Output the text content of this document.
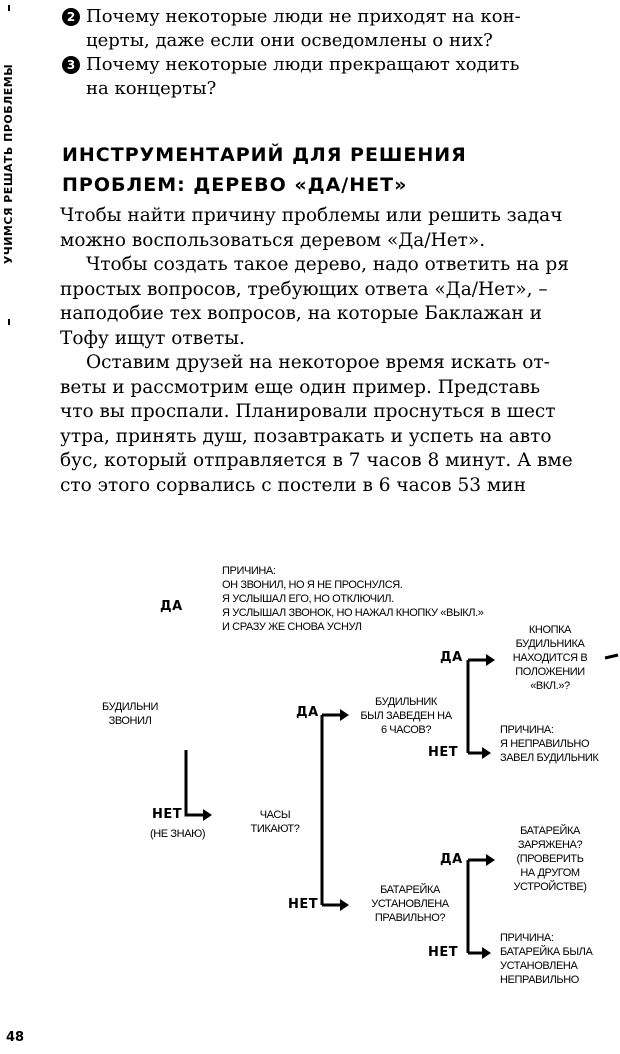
УЧИМСЯ РЕШАТЬ ПРОБЛЕМЫ
2 Почему некоторые люди не приходят на кон-
церты, даже если они осведомлены о них?
3 Почему некоторые люди прекращают ходить
на концерты?
ИНСТРУМЕНТАРИЙ ДЛЯ РЕШЕНИЯ
ПРОБЛЕМ: ДЕРЕВО «ДА/НЕТ»

Чтобы найти причину проблемы или решить задач

можно воспользоваться деревом «Да/Нет».

Чтобы создать такое дерево, надо ответить на ря

простых вопросов, требующих ответа «Да/Нет», –

наподобие тех вопросов, на которые Баклажан и

Тофу ищут ответы.

Оставим друзей на некоторое время искать от-

веты и рассмотрим еще один пример. Представь

что вы проспали. Планировали проснуться в шест

утра, принять душ, позавтракать и успеть на авто

бус, который отправляется в 7 часов 8 минут. А вме

сто этого сорвались с постели в 6 часов 53 мин

БУДИЛЬНИ
ЗВОНИЛ
ДА
ПРИЧИНА:
ОН ЗВОНИЛ, НО Я НЕ ПРОСНУЛСЯ.
Я УСЛЫШАЛ ЕГО, НО ОТКЛЮЧИЛ.
Я УСЛЫШАЛ ЗВОНОК, НО НАЖАЛ КНОПКУ «ВЫКЛ.»
И СРАЗУ ЖЕ СНОВА УСНУЛ
НЕТ
(НЕ ЗНАЮ)
ЧАСЫ
ТИКАЮТ?
ДА
БУДИЛЬНИК
БЫЛ ЗАВЕДЕН НА
6 ЧАСОВ?
ДА
КНОПКА
БУДИЛЬНИКА
НАХОДИТСЯ В
ПОЛОЖЕНИИ
«ВКЛ.»?
НЕТ
ПРИЧИНА:
Я НЕПРАВИЛЬНО
ЗАВЕЛ БУДИЛЬНИК
НЕТ
БАТАРЕЙКА
УСТАНОВЛЕНА
ПРАВИЛЬНО?
ДА
БАТАРЕЙКА
ЗАРЯЖЕНА?
(ПРОВЕРИТЬ
НА ДРУГОМ
УСТРОЙСТВЕ)
НЕТ
ПРИЧИНА:
БАТАРЕЙКА БЫЛА
УСТАНОВЛЕНА
НЕПРАВИЛЬНО
48
